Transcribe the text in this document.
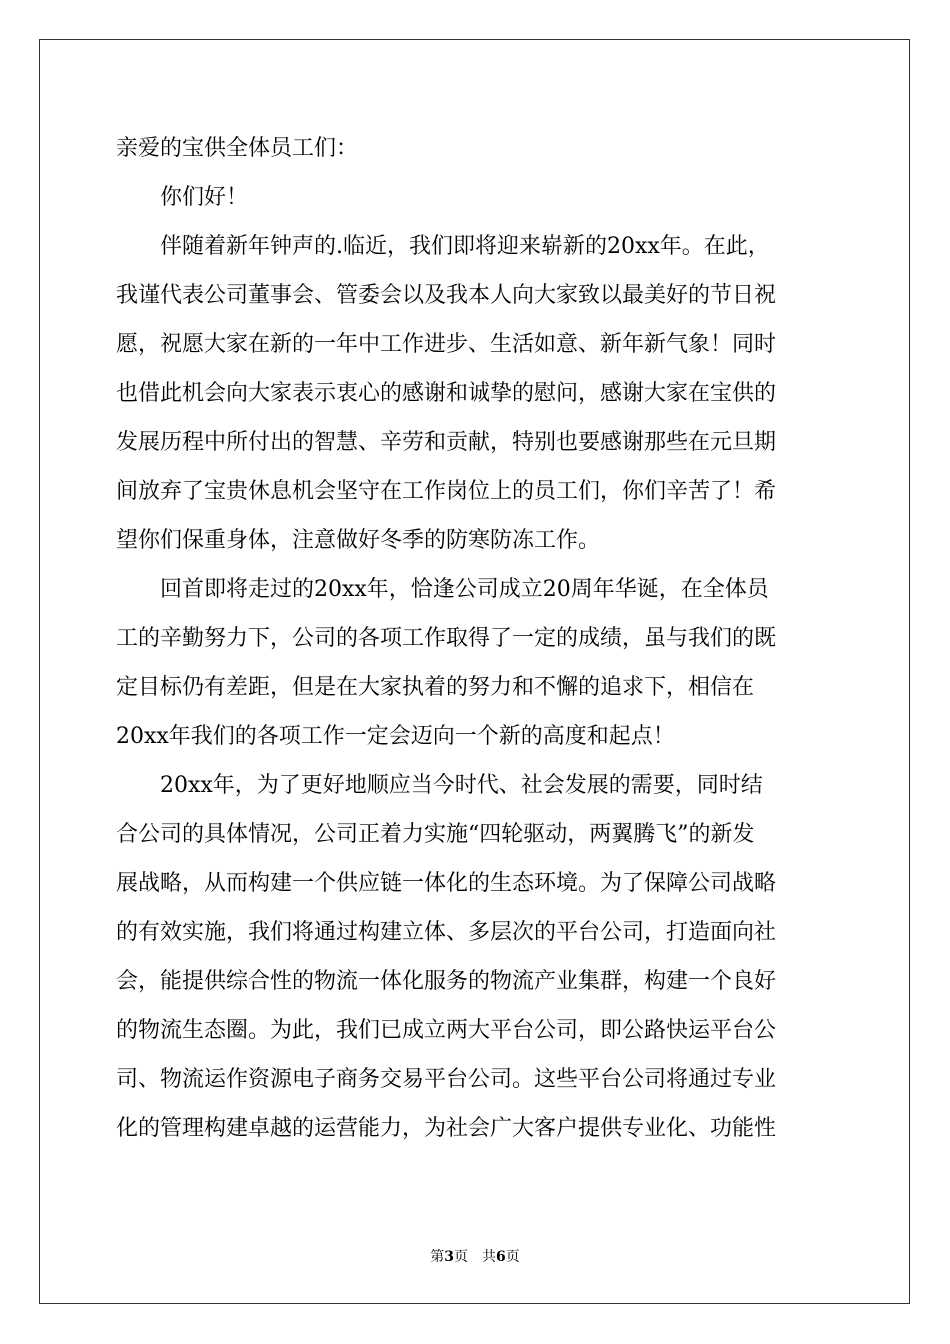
亲爱的宝供全体员工们：
　　你们好！
　　伴随着新年钟声的.临近，我们即将迎来崭新的20xx年。在此，
我谨代表公司董事会、管委会以及我本人向大家致以最美好的节日祝
愿，祝愿大家在新的一年中工作进步、生活如意、新年新气象！同时
也借此机会向大家表示衷心的感谢和诚挚的慰问，感谢大家在宝供的
发展历程中所付出的智慧、辛劳和贡献，特别也要感谢那些在元旦期
间放弃了宝贵休息机会坚守在工作岗位上的员工们，你们辛苦了！希
望你们保重身体，注意做好冬季的防寒防冻工作。
　　回首即将走过的20xx年，恰逢公司成立20周年华诞，在全体员
工的辛勤努力下，公司的各项工作取得了一定的成绩，虽与我们的既
定目标仍有差距，但是在大家执着的努力和不懈的追求下，相信在
20xx年我们的各项工作一定会迈向一个新的高度和起点！
　　20xx年，为了更好地顺应当今时代、社会发展的需要，同时结
合公司的具体情况，公司正着力实施“四轮驱动，两翼腾飞”的新发
展战略，从而构建一个供应链一体化的生态环境。为了保障公司战略
的有效实施，我们将通过构建立体、多层次的平台公司，打造面向社
会，能提供综合性的物流一体化服务的物流产业集群，构建一个良好
的物流生态圈。为此，我们已成立两大平台公司，即公路快运平台公
司、物流运作资源电子商务交易平台公司。这些平台公司将通过专业
化的管理构建卓越的运营能力，为社会广大客户提供专业化、功能性
第3页 共6页
